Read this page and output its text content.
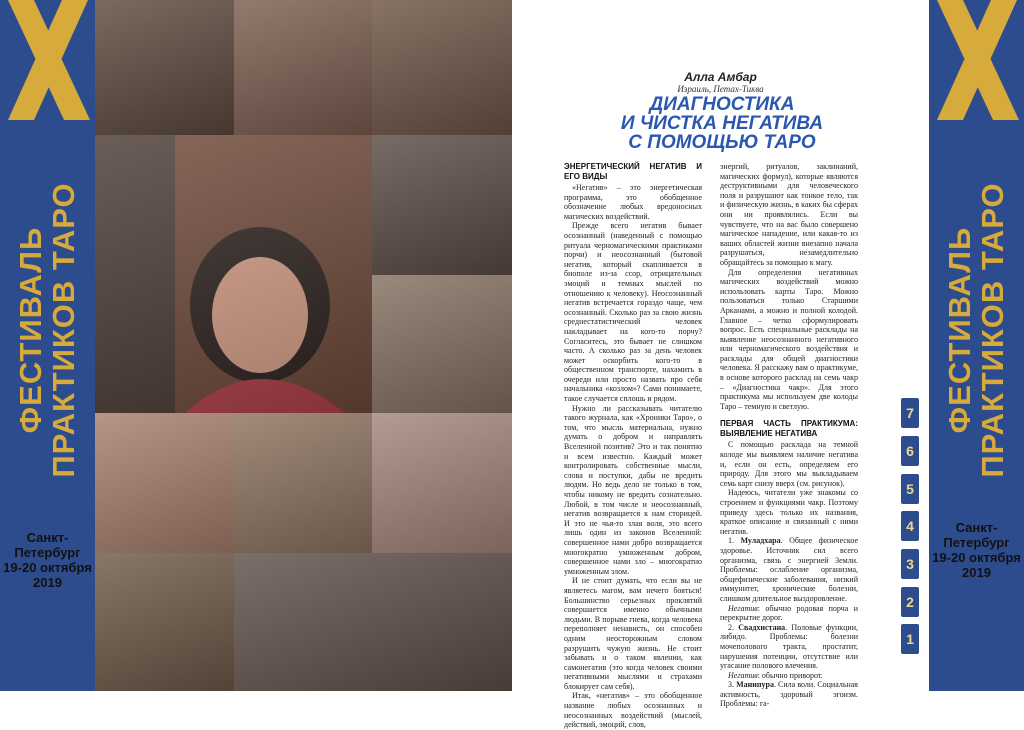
ФЕСТИВАЛЬ
ПРАКТИКОВ ТАРО
Санкт-Петербург
19-20 октября
2019
Алла Амбар
Израиль, Петах-Тиква
ДИАГНОСТИКА
И ЧИСТКА НЕГАТИВА
С ПОМОЩЬЮ ТАРО
ЭНЕРГЕТИЧЕСКИЙ НЕГАТИВ И ЕГО ВИДЫ

«Негатив» – это энергетическая программа, это обобщенное обозначение любых вредоносных магических воздействий.

Прежде всего негатив бывает осознанный (наведенный с помощью ритуала черномагическими практиками порчи) и неосознанный (бытовой негатив, который скапливается в биополе из-за ссор, отрицательных эмоций и темных мыслей по отношению к человеку). Неосознанный негатив встречается гораздо чаще, чем осознанный. Сколько раз за свою жизнь среднестатистический человек накладывает на кого-то порчу? Согласитесь, это бывает не слишком часто. А сколько раз за день человек может оскорбить кого-то в общественном транспорте, нахамить в очереди или просто назвать про себя начальника «козлом»? Сами понимаете, такое случается сплошь и рядом.

Нужно ли рассказывать читателю такого журнала, как «Хроники Таро», о том, что мысль материальна, нужно думать о добром и направлять Вселенной позитив? Это и так понятно и всем известно. Каждый может контролировать собственные мысли, слова и поступки, дабы не вредить людям. Но ведь дело не только в том, чтобы никому не вредить сознательно. Любой, в том числе и неосознанный, негатив возвращается к нам сторицей. И это не чья-то злая воля, это всего лишь один из законов Вселенной: совершенное нами добро возвращается многократно умноженным добром, совершенное нами зло – многократно умноженным злом.

И не стоит думать, что если вы не являетесь магом, вам нечего бояться! Большинство серьезных проклятий совершается именно обычными людьми. В порыве гнева, когда человека переполняет ненависть, он способен одним неосторожным словом разрушить чужую жизнь. Не стоит забывать и о таком явлении, как самонегатив (это когда человек своими негативными мыслями и страхами блокирует сам себя).

Итак, «негатив» – это обобщенное название любых осознанных и неосознанных воздействий (мыслей, действий, эмоций, слов,

энергий, ритуалов, заклинаний, магических формул), которые являются деструктивными для человеческого поля и разрушают как тонкое тело, так и физическую жизнь, в каких бы сферах они ни проявлялись. Если вы чувствуете, что на вас было совершено магическое нападение, или какая-то из ваших областей жизни внезапно начала разрушаться, незамедлительно обращайтесь за помощью к магу.

Для определения негативных магических воздействий можно использовать карты Таро. Можно пользоваться только Старшими Арканами, а можно и полной колодой. Главное – четко сформулировать вопрос. Есть специальные расклады на выявление неосознанного негативного или черномагического воздействия и расклады для общей диагностики человека. Я расскажу вам о практикуме, в основе которого расклад на семь чакр – «Диагностика чакр». Для этого практикума мы используем две колоды Таро – темную и светлую.

ПЕРВАЯ ЧАСТЬ ПРАКТИКУМА: ВЫЯВЛЕНИЕ НЕГАТИВА

С помощью расклада на темной колоде мы выявляем наличие негатива и, если он есть, определяем его природу. Для этого мы выкладываем семь карт снизу вверх (см. рисунок).

Надеюсь, читатели уже знакомы со строением и функциями чакр. Поэтому приведу здесь только их названия, краткое описание и связанный с ними негатив.

1. Муладхара. Общее физическое здоровье. Источник сил всего организма, связь с энергией Земли. Проблемы: ослабление организма, общефизические заболевания, низкий иммунитет, хронические болезни, слишком длительное выздоровление.

Негатив: обычно родовая порча и перекрытие дорог.

2. Свадхистана. Половые функции, либидо. Проблемы: болезни мочеполового тракта, простатит, нарушения потенции, отсутствие или угасание полового влечения.

Негатив: обычно приворот.

3. Манипура. Сила воли. Социальная активность, здоровый эгоизм. Проблемы: га-

7
6
5
4
3
2
1
ФЕСТИВАЛЬ
ПРАКТИКОВ ТАРО
Санкт-Петербург
19-20 октября
2019
